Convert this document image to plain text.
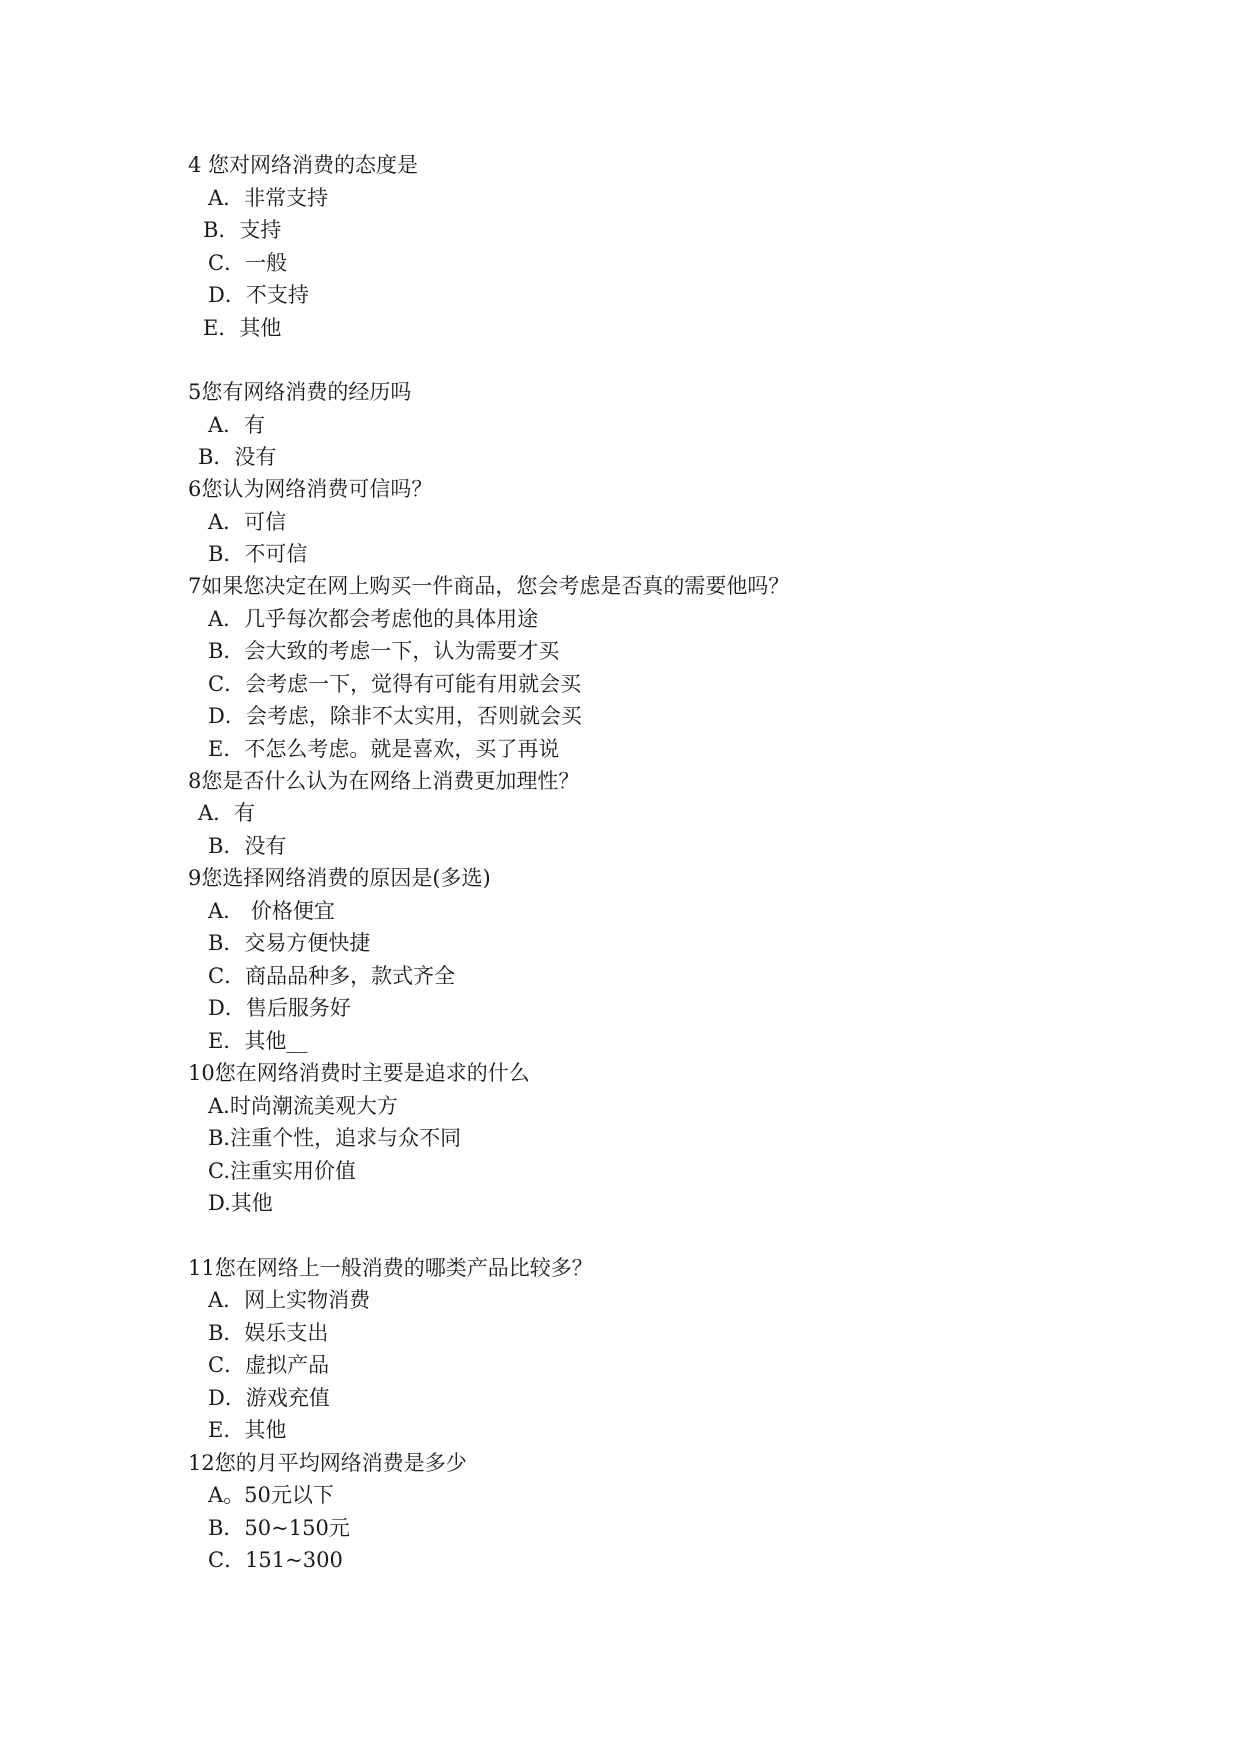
4 您对网络消费的态度是
A．非常支持
B．支持
C．一般
D．不支持
E．其他
5您有网络消费的经历吗
A．有
B．没有
6您认为网络消费可信吗？
A．可信
B．不可信
7如果您决定在网上购买一件商品，您会考虑是否真的需要他吗？
A．几乎每次都会考虑他的具体用途
B．会大致的考虑一下，认为需要才买
C．会考虑一下，觉得有可能有用就会买
D．会考虑，除非不太实用，否则就会买
E．不怎么考虑。就是喜欢，买了再说
8您是否什么认为在网络上消费更加理性？
A．有
B．没有
9您选择网络消费的原因是(多选)
A． 价格便宜
B．交易方便快捷
C．商品品种多，款式齐全
D．售后服务好
E．其他__
10您在网络消费时主要是追求的什么
A.时尚潮流美观大方
B.注重个性，追求与众不同
C.注重实用价值
D.其他
11您在网络上一般消费的哪类产品比较多？
A．网上实物消费
B．娱乐支出
C．虚拟产品
D．游戏充值
E．其他
12您的月平均网络消费是多少
A。50元以下
B．50~150元
C．151~300
